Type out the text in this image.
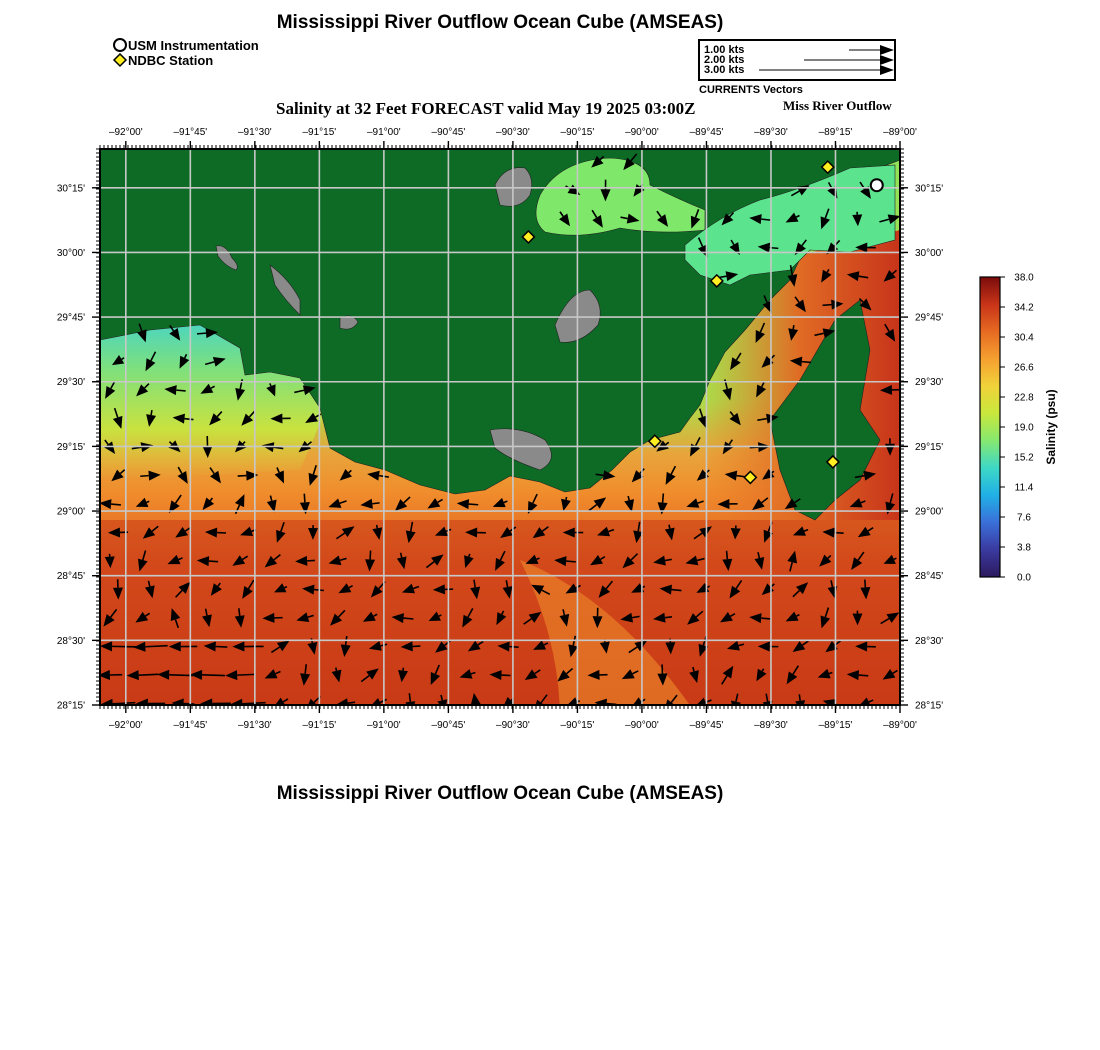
Mississippi River Outflow Ocean Cube (AMSEAS)
USM Instrumentation
NDBC Station
1.00 kts
2.00 kts
3.00 kts
CURRENTS Vectors
Salinity at 32 Feet FORECAST valid May 19 2025 03:00Z	Miss River Outflow
–92°00'
–92°00'
–91°45'
–91°45'
–91°30'
–91°30'
–91°15'
–91°15'
–91°00'
–91°00'
–90°45'
–90°45'
–90°30'
–90°30'
–90°15'
–90°15'
–90°00'
–90°00'
–89°45'
–89°45'
–89°30'
–89°30'
–89°15'
–89°15'
–89°00'
–89°00'
30°15'	30°15'
30°00'	30°00'
29°45'	29°45'
29°30'	29°30'
29°15'	29°15'
29°00'	29°00'
28°45'	28°45'
28°30'	28°30'
28°15'	28°15'
38.0
34.2
30.4
26.6
22.8
19.0
15.2
11.4
7.6
3.8
0.0
Salinity (psu)
Mississippi River Outflow Ocean Cube (AMSEAS)
